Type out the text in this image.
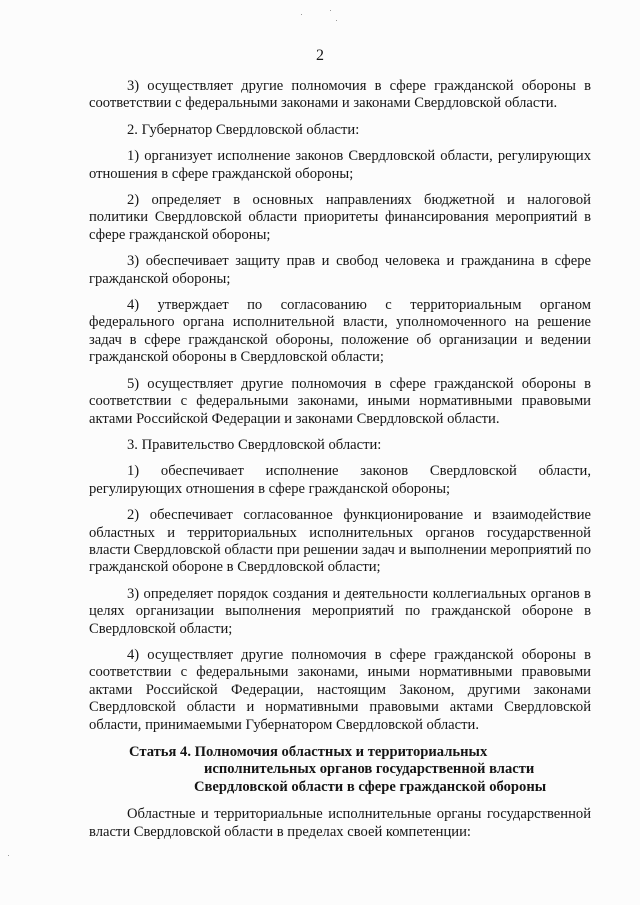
2

3) осуществляет другие полномочия в сфере гражданской обороны в соответствии с федеральными законами и законами Свердловской области.

2. Губернатор Свердловской области:

1) организует исполнение законов Свердловской области, регулирующих отношения в сфере гражданской обороны;

2) определяет в основных направлениях бюджетной и налоговой политики Свердловской области приоритеты финансирования мероприятий в сфере гражданской обороны;

3) обеспечивает защиту прав и свобод человека и гражданина в сфере гражданской обороны;

4) утверждает по согласованию с территориальным органом федерального органа исполнительной власти, уполномоченного на решение задач в сфере гражданской обороны, положение об организации и ведении гражданской обороны в Свердловской области;

5) осуществляет другие полномочия в сфере гражданской обороны в соответствии с федеральными законами, иными нормативными правовыми актами Российской Федерации и законами Свердловской области.

3. Правительство Свердловской области:

1) обеспечивает исполнение законов Свердловской области, регулирующих отношения в сфере гражданской обороны;

2) обеспечивает согласованное функционирование и взаимодействие областных и территориальных исполнительных органов государственной власти Свердловской области при решении задач и выполнении мероприятий по гражданской обороне в Свердловской области;

3) определяет порядок создания и деятельности коллегиальных органов в целях организации выполнения мероприятий по гражданской обороне в Свердловской области;

4) осуществляет другие полномочия в сфере гражданской обороны в соответствии с федеральными законами, иными нормативными правовыми актами Российской Федерации, настоящим Законом, другими законами Свердловской области и нормативными правовыми актами Свердловской области, принимаемыми Губернатором Свердловской области.

Статья 4. Полномочия областных и территориальных
исполнительных органов государственной власти
Свердловской области в сфере гражданской обороны

Областные и территориальные исполнительные органы государственной власти Свердловской области в пределах своей компетенции:
